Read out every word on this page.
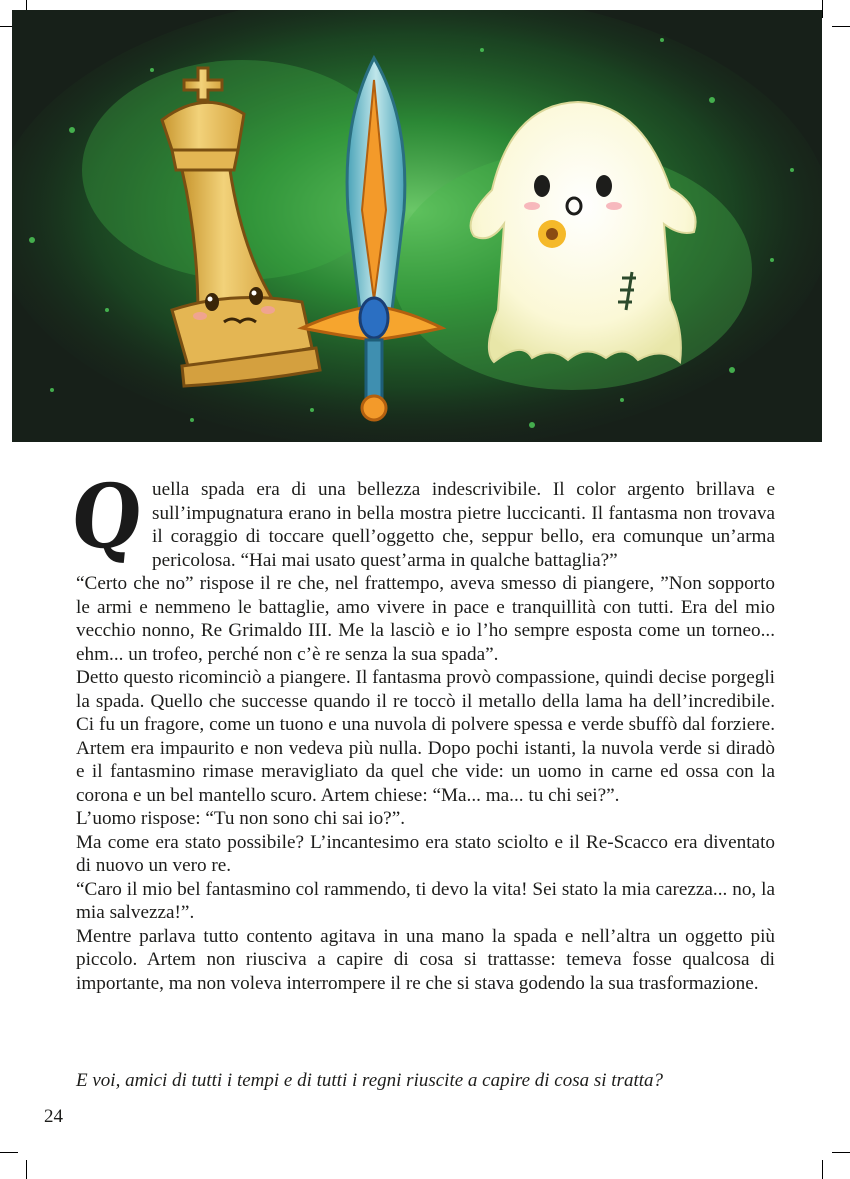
Q uella spada era di una bellezza indescrivibile. Il color argento brillava e sull’impugnatura erano in bella mostra pietre luccicanti. Il fantasma non trovava il coraggio di toccare quell’oggetto che, seppur bello, era comunque un’arma pericolosa. “Hai mai usato quest’arma in qualche battaglia?”

“Certo che no” rispose il re che, nel frattempo, aveva smesso di piangere, ”Non sopporto le armi e nemmeno le battaglie, amo vivere in pace e tranquillità con tutti. Era del mio vecchio nonno, Re Grimaldo III. Me la lasciò e io l’ho sempre esposta come un torneo... ehm... un trofeo, perché non c’è re senza la sua spada”.

Detto questo ricominciò a piangere. Il fantasma provò compassione, quindi decise porgegli la spada. Quello che successe quando il re toccò il metallo della lama ha dell’incredibile. Ci fu un fragore, come un tuono e una nuvola di polvere spessa e verde sbuffò dal forziere. Artem era impaurito e non vedeva più nulla. Dopo pochi istanti, la nuvola verde si diradò e il fantasmino rimase meravigliato da quel che vide: un uomo in carne ed ossa con la corona e un bel mantello scuro. Artem chiese: “Ma... ma... tu chi sei?”.

L’uomo rispose: “Tu non sono chi sai io?”.

Ma come era stato possibile? L’incantesimo era stato sciolto e il Re-Scacco era diventato di nuovo un vero re.

“Caro il mio bel fantasmino col rammendo, ti devo la vita! Sei stato la mia carezza... no, la mia salvezza!”.

Mentre parlava tutto contento agitava in una mano la spada e nell’altra un oggetto più piccolo. Artem non riusciva a capire di cosa si trattasse: temeva fosse qualcosa di importante, ma non voleva interrompere il re che si stava godendo la sua trasformazione.

E voi, amici di tutti i tempi e di tutti i regni riuscite a capire di cosa si tratta?
24
